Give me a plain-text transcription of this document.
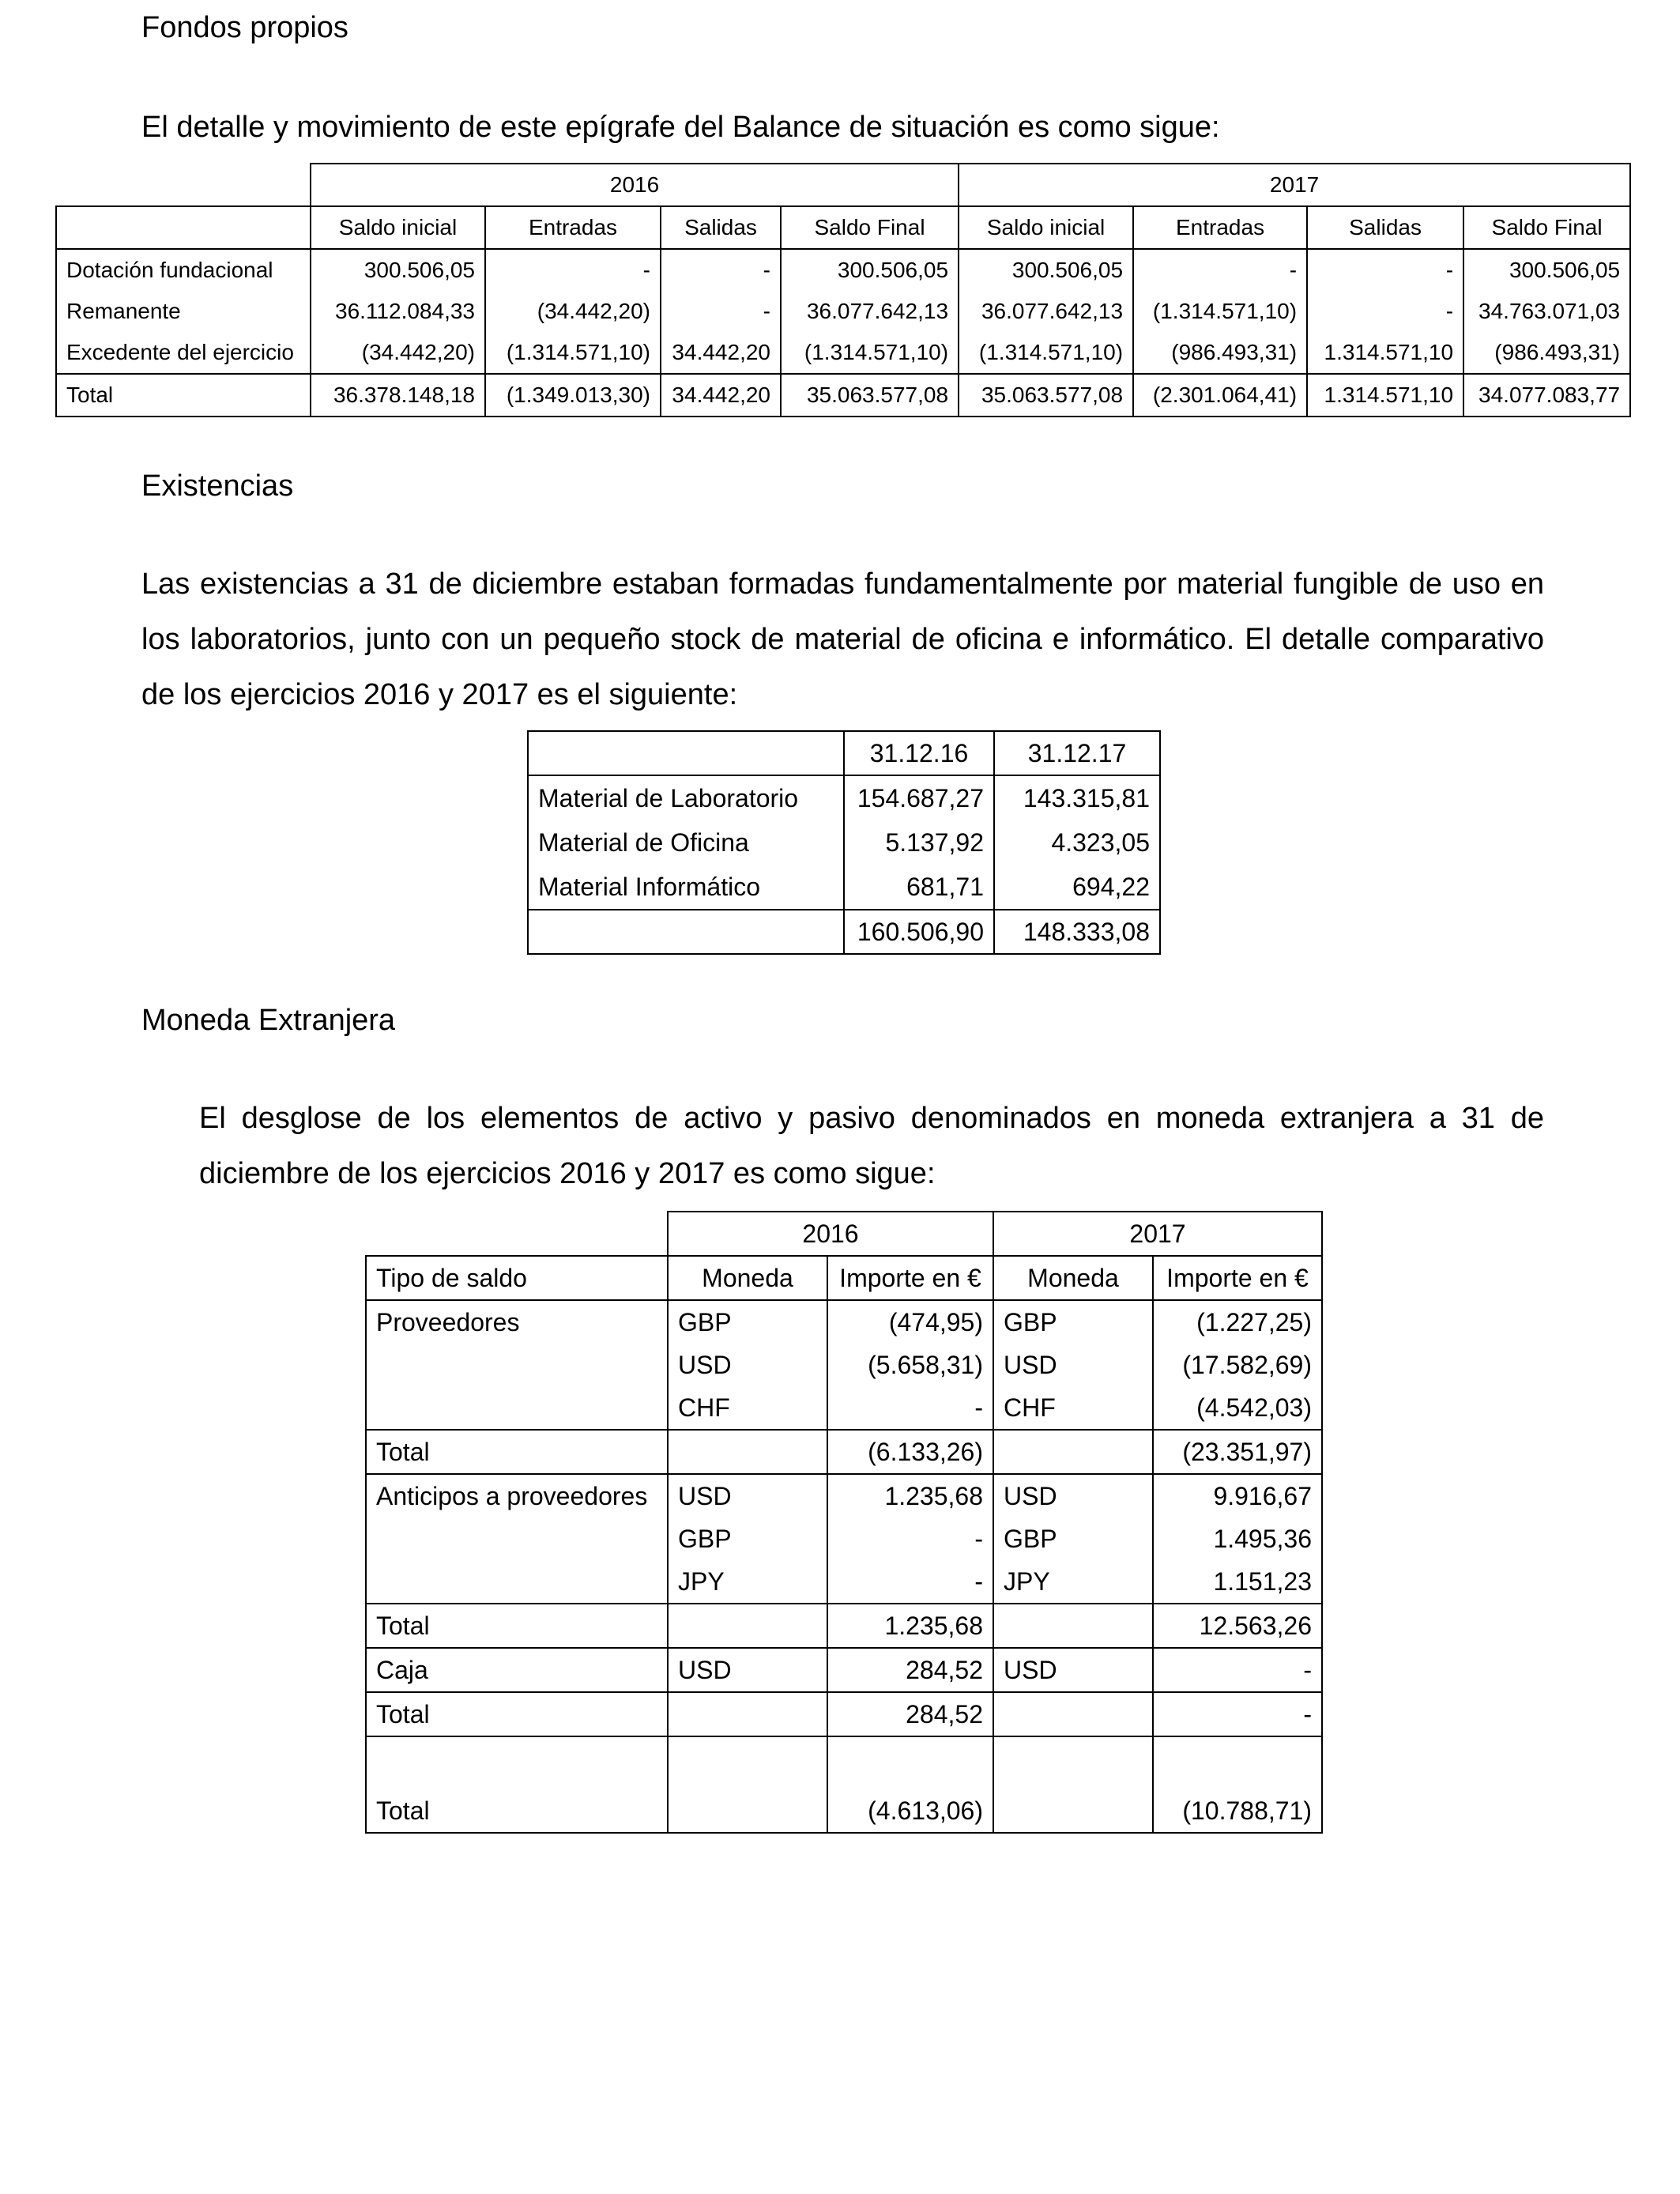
Fondos propios
El detalle y movimiento de este epígrafe del Balance de situación es como sigue:
	2016				2017			
	Saldo inicial	Entradas	Salidas	Saldo Final	Saldo inicial	Entradas	Salidas	Saldo Final
Dotación fundacional	300.506,05	-	-	300.506,05	300.506,05	-	-	300.506,05
Remanente	36.112.084,33	(34.442,20)	-	36.077.642,13	36.077.642,13	(1.314.571,10)	-	34.763.071,03
Excedente del ejercicio	(34.442,20)	(1.314.571,10)	34.442,20	(1.314.571,10)	(1.314.571,10)	(986.493,31)	1.314.571,10	(986.493,31)
Total	36.378.148,18	(1.349.013,30)	34.442,20	35.063.577,08	35.063.577,08	(2.301.064,41)	1.314.571,10	34.077.083,77
Existencias
Las existencias a 31 de diciembre estaban formadas fundamentalmente por material fungible de uso en los laboratorios, junto con un pequeño stock de material de oficina e informático. El detalle comparativo de los ejercicios 2016 y 2017 es el siguiente:
	31.12.16	31.12.17
Material de Laboratorio	154.687,27	143.315,81
Material de Oficina	5.137,92	4.323,05
Material Informático	681,71	694,22
	160.506,90	148.333,08
Moneda Extranjera
El desglose de los elementos de activo y pasivo denominados en moneda extranjera a 31 de diciembre de los ejercicios 2016 y 2017 es como sigue:
	2016		2017	
Tipo de saldo	Moneda	Importe en €	Moneda	Importe en €
Proveedores	GBP	(474,95)	GBP	(1.227,25)
	USD	(5.658,31)	USD	(17.582,69)
	CHF	-	CHF	(4.542,03)
Total		(6.133,26)		(23.351,97)
Anticipos a proveedores	USD	1.235,68	USD	9.916,67
	GBP	-	GBP	1.495,36
	JPY	-	JPY	1.151,23
Total		1.235,68		12.563,26
Caja	USD	284,52	USD	-
Total		284,52		-
Total		(4.613,06)		(10.788,71)
